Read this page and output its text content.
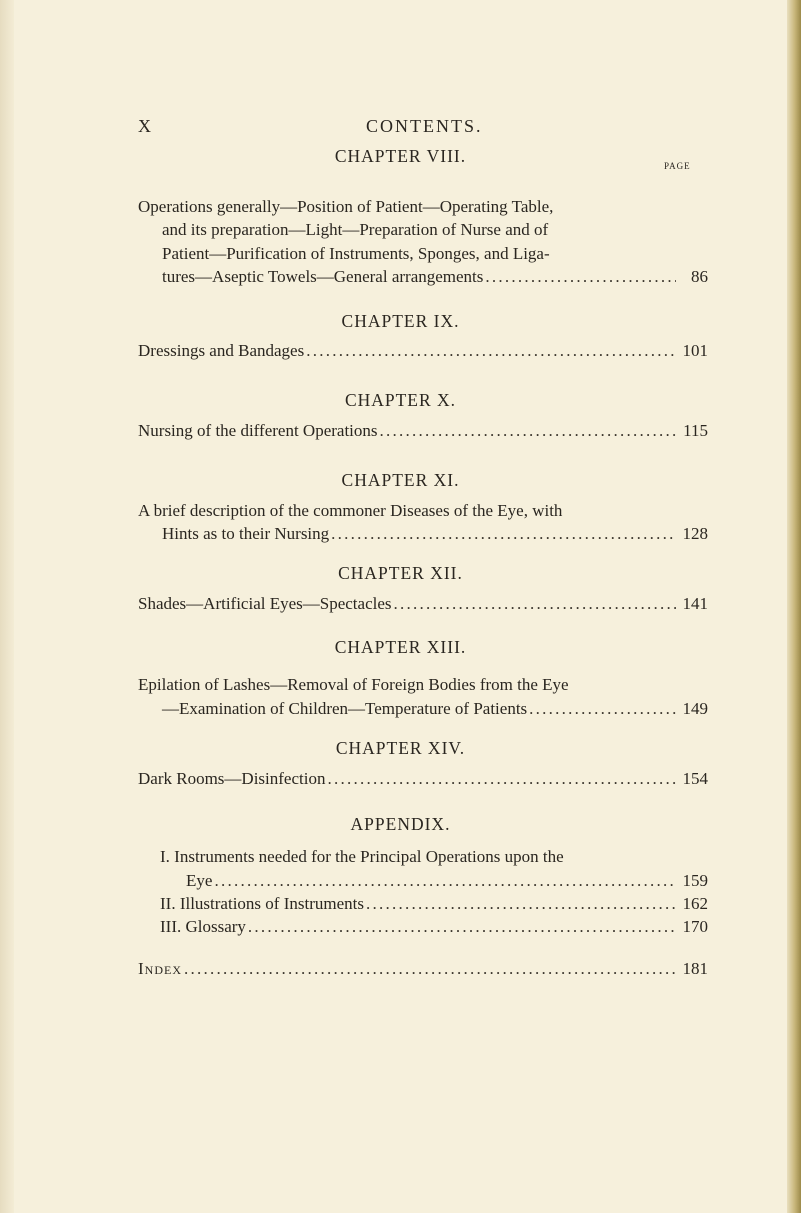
X	CONTENTS.
CHAPTER VIII.	PAGE
Operations generally—Position of Patient—Operating Table,
and its preparation—Light—Preparation of Nurse and of
Patient—Purification of Instruments, Sponges, and Liga-
tures—Aseptic Towels—General arrangements . . .	86
CHAPTER IX.
Dressings and Bandages . . .	101
CHAPTER X.
Nursing of the different Operations . . .	115
CHAPTER XI.
A brief description of the commoner Diseases of the Eye, with
Hints as to their Nursing . . .	128
CHAPTER XII.
Shades—Artificial Eyes—Spectacles . . .	141
CHAPTER XIII.
Epilation of Lashes—Removal of Foreign Bodies from the Eye
—Examination of Children—Temperature of Patients . . .	149
CHAPTER XIV.
Dark Rooms—Disinfection . . .	154
APPENDIX.
I. Instruments needed for the Principal Operations upon the
Eye . . .	159
II. Illustrations of Instruments . . .	162
III. Glossary . . .	170
Index . . .	181
